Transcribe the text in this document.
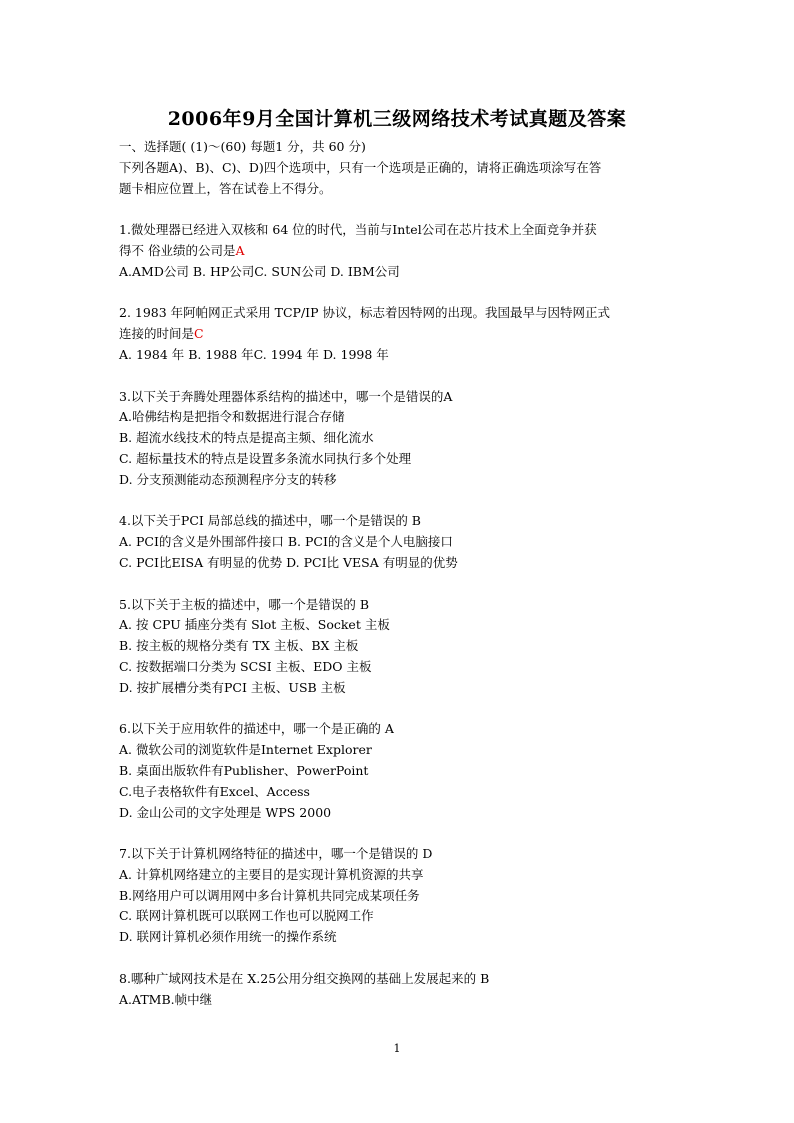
2006年9月全国计算机三级网络技术考试真题及答案
一、选择题( (1)～(60) 每题1 分，共 60 分)
下列各题A)、B)、C)、D)四个选项中，只有一个选项是正确的，请将正确选项涂写在答
题卡相应位置上，答在试卷上不得分。
1.微处理器已经进入双核和 64 位的时代，当前与Intel公司在芯片技术上全面竞争并获
得不 俗业绩的公司是A
A.AMD公司 B. HP公司C. SUN公司 D. IBM公司
2. 1983 年阿帕网正式采用 TCP/IP 协议，标志着因特网的出现。我国最早与因特网正式
连接的时间是C
A. 1984 年 B. 1988 年C. 1994 年 D. 1998 年
3.以下关于奔腾处理器体系结构的描述中，哪一个是错误的A
A.哈佛结构是把指令和数据进行混合存储
B. 超流水线技术的特点是提高主频、细化流水
C. 超标量技术的特点是设置多条流水同执行多个处理
D. 分支预测能动态预测程序分支的转移
4.以下关于PCI 局部总线的描述中，哪一个是错误的 B
A. PCI的含义是外围部件接口 B. PCI的含义是个人电脑接口
C. PCI比EISA 有明显的优势 D. PCI比 VESA 有明显的优势
5.以下关于主板的描述中，哪一个是错误的 B
A. 按 CPU 插座分类有 Slot 主板、Socket 主板
B. 按主板的规格分类有 TX 主板、BX 主板
C. 按数据端口分类为 SCSI 主板、EDO 主板
D. 按扩展槽分类有PCI 主板、USB 主板
6.以下关于应用软件的描述中，哪一个是正确的 A
A. 微软公司的浏览软件是Internet Explorer
B. 桌面出版软件有Publisher、PowerPoint
C.电子表格软件有Excel、Access
D. 金山公司的文字处理是 WPS 2000
7.以下关于计算机网络特征的描述中，哪一个是错误的 D
A. 计算机网络建立的主要目的是实现计算机资源的共享
B.网络用户可以调用网中多台计算机共同完成某项任务
C. 联网计算机既可以联网工作也可以脱网工作
D. 联网计算机必须作用统一的操作系统
8.哪种广域网技术是在 X.25公用分组交换网的基础上发展起来的 B
A.ATMB.帧中继
1
